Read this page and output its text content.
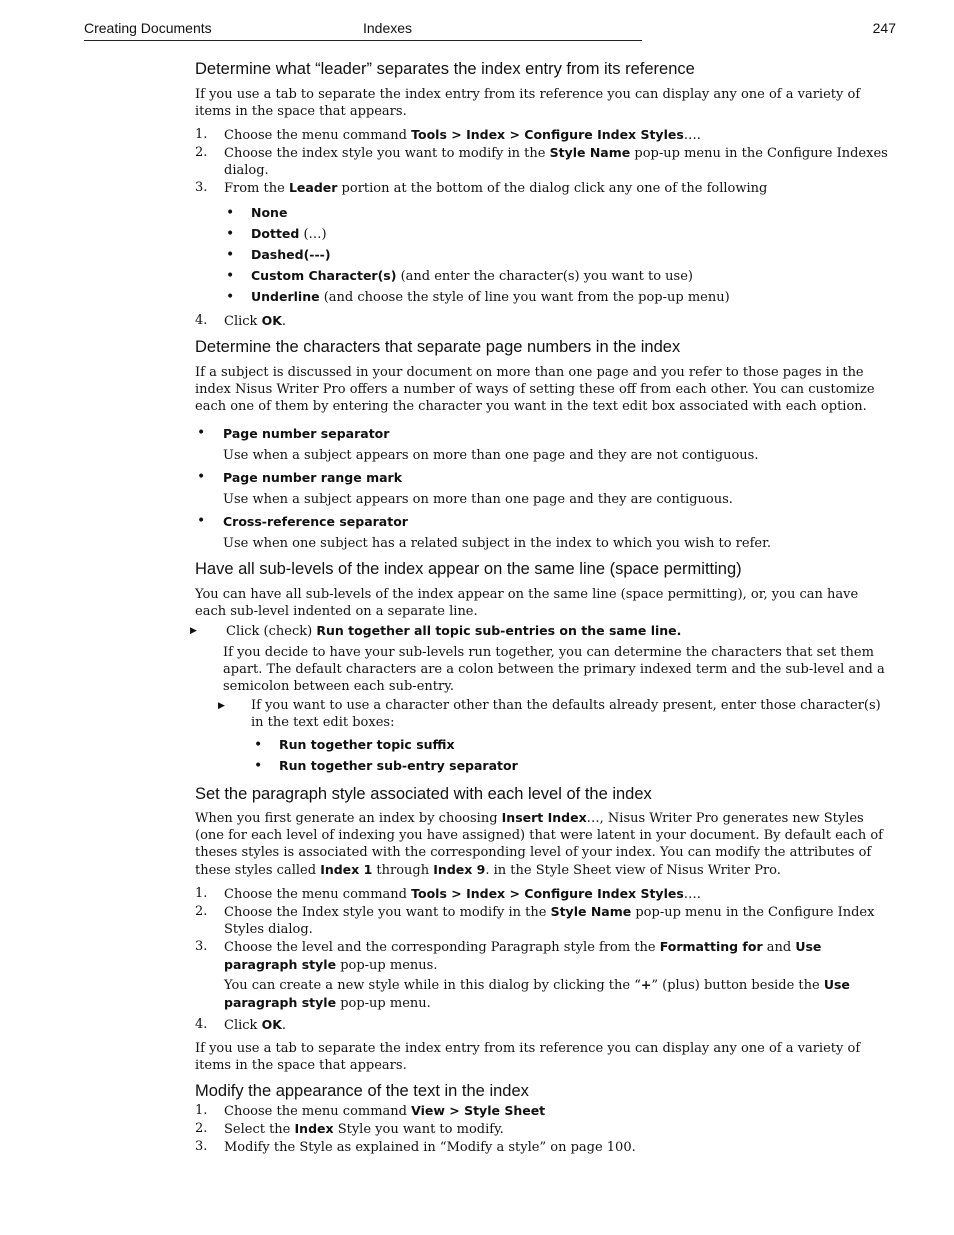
Creating Documents	Indexes	247
Determine what “leader” separates the index entry from its reference

If you use a tab to separate the index entry from its reference you can display any one of a variety of items in the space that appears.

1. Choose the menu command Tools > Index > Configure Index Styles….
2. Choose the index style you want to modify in the Style Name pop-up menu in the Configure Indexes dialog.
3. From the Leader portion at the bottom of the dialog click any one of the following
• None
• Dotted (…)
• Dashed(---)
• Custom Character(s) (and enter the character(s) you want to use)
• Underline (and choose the style of line you want from the pop-up menu)
4. Click OK.
Determine the characters that separate page numbers in the index

If a subject is discussed in your document on more than one page and you refer to those pages in the index Nisus Writer Pro offers a number of ways of setting these off from each other. You can customize each one of them by entering the character you want in the text edit box associated with each option.

• Page number separator
Use when a subject appears on more than one page and they are not contiguous.
• Page number range mark
Use when a subject appears on more than one page and they are contiguous.
• Cross-reference separator
Use when one subject has a related subject in the index to which you wish to refer.
Have all sub-levels of the index appear on the same line (space permitting)

You can have all sub-levels of the index appear on the same line (space permitting), or, you can have each sub-level indented on a separate line.

▶ Click (check) Run together all topic sub-entries on the same line.

If you decide to have your sub-levels run together, you can determine the characters that set them apart. The default characters are a colon between the primary indexed term and the sub-level and a semicolon between each sub-entry.

▶ If you want to use a character other than the defaults already present, enter those character(s) in the text edit boxes:
• Run together topic suffix
• Run together sub-entry separator
Set the paragraph style associated with each level of the index

When you first generate an index by choosing Insert Index…, Nisus Writer Pro generates new Styles (one for each level of indexing you have assigned) that were latent in your document. By default each of theses styles is associated with the corresponding level of your index. You can modify the attributes of these styles called Index 1 through Index 9. in the Style Sheet view of Nisus Writer Pro.

1. Choose the menu command Tools > Index > Configure Index Styles….
2. Choose the Index style you want to modify in the Style Name pop-up menu in the Configure Index Styles dialog.
3. Choose the level and the corresponding Paragraph style from the Formatting for and Use paragraph style pop-up menus.

You can create a new style while in this dialog by clicking the “+” (plus) button beside the Use paragraph style pop-up menu.

4. Click OK.

If you use a tab to separate the index entry from its reference you can display any one of a variety of items in the space that appears.

Modify the appearance of the text in the index
1. Choose the menu command View > Style Sheet
2. Select the Index Style you want to modify.
3. Modify the Style as explained in “Modify a style” on page 100.
